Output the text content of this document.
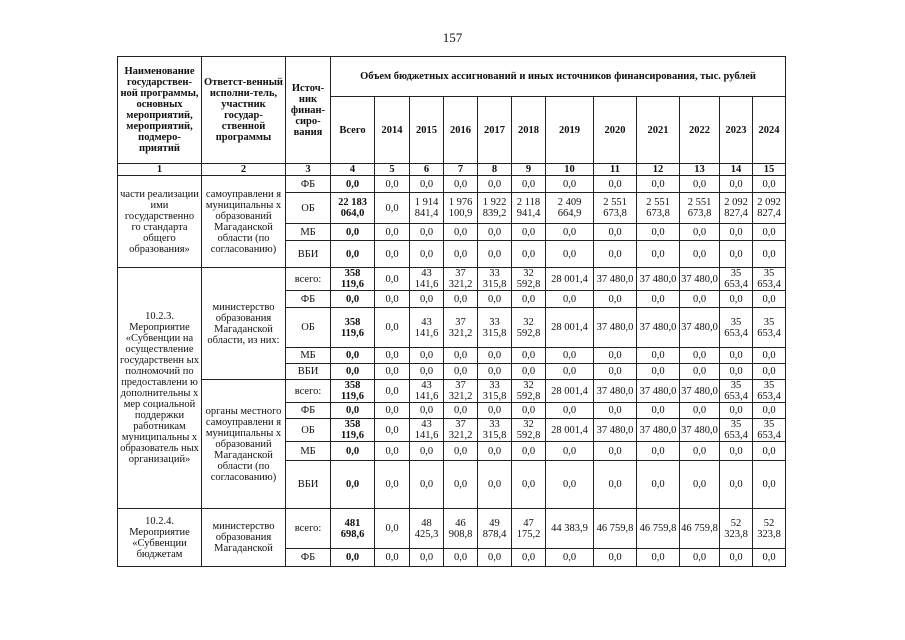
157
Наименование государствен-ной программы, основных мероприятий, мероприятий, подмеро-приятий	Ответст-венный исполни-тель, участник государ-ственной программы	Источ-ник финан-сиро-вания	Объем бюджетных ассигнований и иных источников финансирования, тыс. рублей											
			Всего	2014	2015	2016	2017	2018	2019	2020	2021	2022	2023	2024
1	2	3	4	5	6	7	8	9	10	11	12	13	14	15
части реализации ими государственно го стандарта общего образования»	самоуправлени я муниципальны х образований Магаданской области (по согласованию)	ФБ	0,0	0,0	0,0	0,0	0,0	0,0	0,0	0,0	0,0	0,0	0,0	0,0
		ОБ	22 183 064,0	0,0	1 914 841,4	1 976 100,9	1 922 839,2	2 118 941,4	2 409 664,9	2 551 673,8	2 551 673,8	2 551 673,8	2 092 827,4	2 092 827,4
		МБ	0,0	0,0	0,0	0,0	0,0	0,0	0,0	0,0	0,0	0,0	0,0	0,0
		ВБИ	0,0	0,0	0,0	0,0	0,0	0,0	0,0	0,0	0,0	0,0	0,0	0,0
10.2.3. Мероприятие «Субвенции на осуществление государственн ых полномочий по предоставлени ю дополнительны х мер социальной поддержки работникам муниципальны х образователь ных организаций»	министерство образования Магаданской области, из них:	всего:	358 119,6	0,0	43 141,6	37 321,2	33 315,8	32 592,8	28 001,4	37 480,0	37 480,0	37 480,0	35 653,4	35 653,4
		ФБ	0,0	0,0	0,0	0,0	0,0	0,0	0,0	0,0	0,0	0,0	0,0	0,0
		ОБ	358 119,6	0,0	43 141,6	37 321,2	33 315,8	32 592,8	28 001,4	37 480,0	37 480,0	37 480,0	35 653,4	35 653,4
		МБ	0,0	0,0	0,0	0,0	0,0	0,0	0,0	0,0	0,0	0,0	0,0	0,0
		ВБИ	0,0	0,0	0,0	0,0	0,0	0,0	0,0	0,0	0,0	0,0	0,0	0,0
	органы местного самоуправлени я муниципальны х образований Магаданской области (по согласованию)	всего:	358 119,6	0,0	43 141,6	37 321,2	33 315,8	32 592,8	28 001,4	37 480,0	37 480,0	37 480,0	35 653,4	35 653,4
		ФБ	0,0	0,0	0,0	0,0	0,0	0,0	0,0	0,0	0,0	0,0	0,0	0,0
		ОБ	358 119,6	0,0	43 141,6	37 321,2	33 315,8	32 592,8	28 001,4	37 480,0	37 480,0	37 480,0	35 653,4	35 653,4
		МБ	0,0	0,0	0,0	0,0	0,0	0,0	0,0	0,0	0,0	0,0	0,0	0,0
		ВБИ	0,0	0,0	0,0	0,0	0,0	0,0	0,0	0,0	0,0	0,0	0,0	0,0
10.2.4. Мероприятие «Субвенции бюджетам	министерство образования Магаданской	всего:	481 698,6	0,0	48 425,3	46 908,8	49 878,4	47 175,2	44 383,9	46 759,8	46 759,8	46 759,8	52 323,8	52 323,8
		ФБ	0,0	0,0	0,0	0,0	0,0	0,0	0,0	0,0	0,0	0,0	0,0	0,0
